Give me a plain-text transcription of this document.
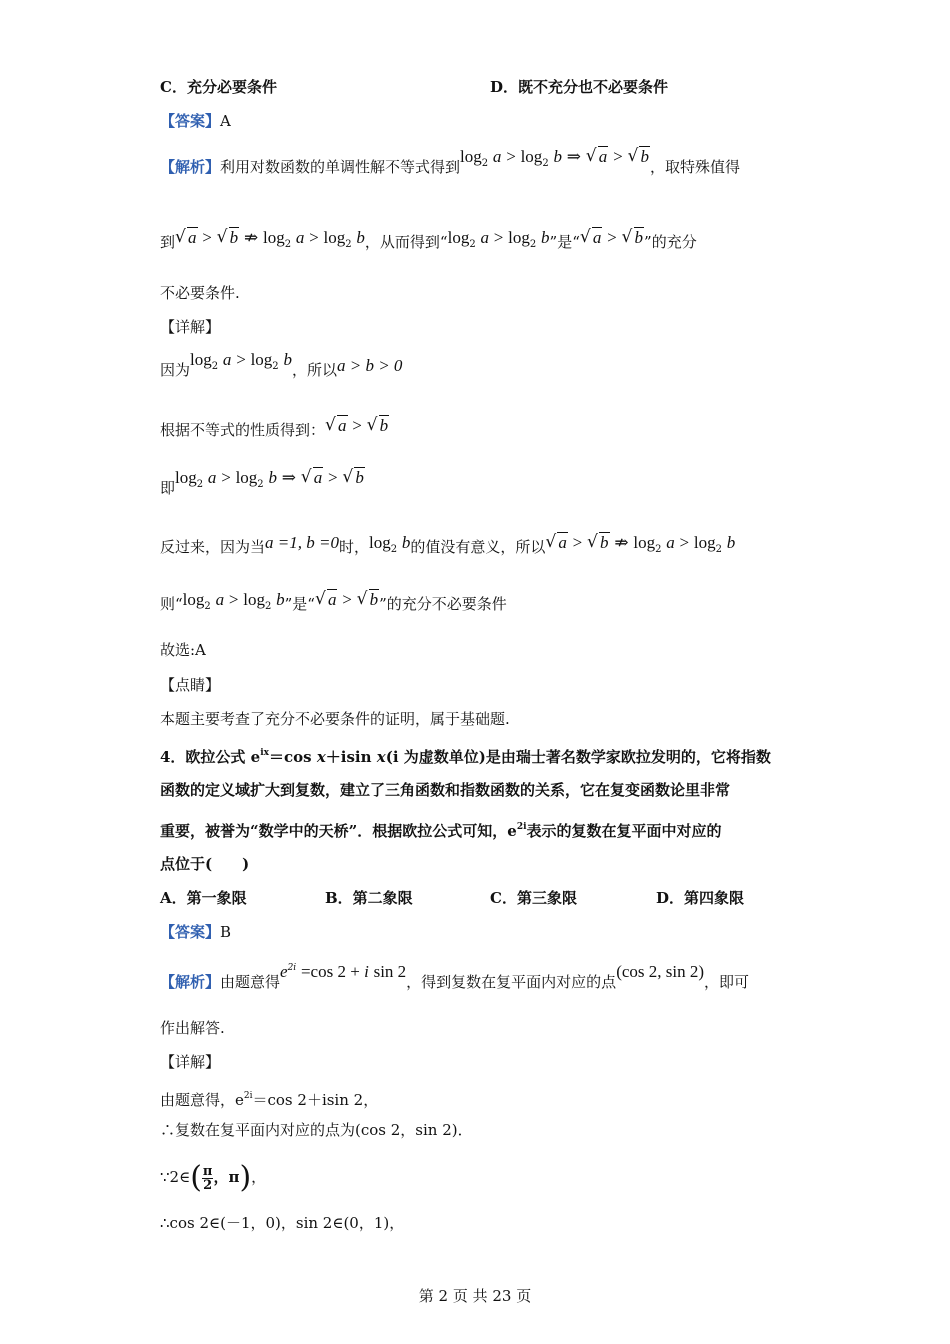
C．充分必要条件	D．既不充分也不必要条件
【答案】A
【解析】利用对数函数的单调性解不等式得到$\log_2 a > \log_2 b$ ⇒ √ a > √ b，取特殊值得
到 √ a > √ b ⇏ $\log_2 a > \log_2 b$，从而得到“$\log_2$ $a > \log_2 b$”是“ √ a > √ b”的充分
不必要条件.
【详解】
因为$\log_2 a > \log_2 b$，所以a > b > 0
根据不等式的性质得到： √ a > √ b
即$\log_2 a > \log_2 b$ ⇒ √ a > √ b
反过来，因为当a =1, b =0时，$\log_2 b$的值没有意义，所以 √ a > √ b ⇏ $\log_2 a > \log_2 b$
则“$\log_2$ $a > \log_2 b$”是“ √ a > √ b”的充分不必要条件
故选:A
【点睛】
本题主要考查了充分不必要条件的证明，属于基础题.
4．欧拉公式 $e^{ix}=\cos$ x＋isin x(i 为虚数单位)是由瑞士著名数学家欧拉发明的，它将指数
函数的定义域扩大到复数，建立了三角函数和指数函数的关系，它在复变函数论里非常
重要，被誉为“数学中的天桥”．根据欧拉公式可知，$e^{2i}$表示的复数在复平面中对应的
点位于(　　)
A．第一象限	B．第二象限	C．第三象限	D．第四象限
【答案】B
【解析】由题意得$e^{2i} =\cos$ 2 + i sin 2，得到复数在复平面内对应的点(cos 2, sin 2)，即可
作出解答.
【详解】
由题意得，$e^{2i}=\cos$ 2＋isin 2，
∴复数在复平面内对应的点为(cos 2，sin 2)．
∵2∈( $\frac{\pi}{2}$ ，π)，
∴cos 2∈(－1，0)，sin 2∈(0，1)，
第 2 页 共 23 页
